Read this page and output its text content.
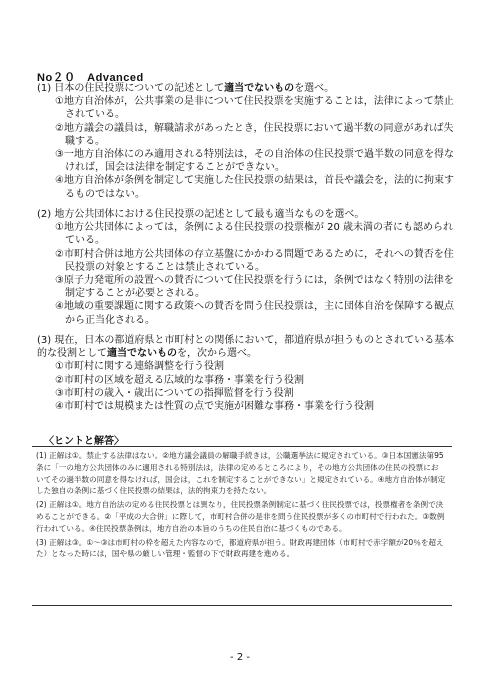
No２０　Advanced
(1) 日本の住民投票についての記述として適当でないものを選べ。
①地方自治体が，公共事業の是非について住民投票を実施することは，法律によって禁止されている。
②地方議会の議員は，解職請求があったとき，住民投票において過半数の同意があれば失職する。
③一地方自治体にのみ適用される特別法は，その自治体の住民投票で過半数の同意を得なければ，国会は法律を制定することができない。
④地方自治体が条例を制定して実施した住民投票の結果は，首長や議会を，法的に拘束するものではない。
(2) 地方公共団体における住民投票の記述として最も適当なものを選べ。
①地方公共団体によっては，条例による住民投票の投票権が 20 歳未満の者にも認められている。
②市町村合併は地方公共団体の存立基盤にかかわる問題であるために，それへの賛否を住民投票の対象とすることは禁止されている。
③原子力発電所の設置への賛否について住民投票を行うには，条例ではなく特別の法律を制定することが必要とされる。
④地域の重要課題に関する政策への賛否を問う住民投票は，主に団体自治を保障する観点から正当化される。
(3) 現在，日本の都道府県と市町村との関係において，都道府県が担うものとされている基本的な役割として適当でないものを，次から選べ。
①市町村に関する連絡調整を行う役割
②市町村の区域を超える広域的な事務・事業を行う役割
③市町村の歳入・歳出についての指揮監督を行う役割
④市町村では規模または性質の点で実施が困難な事務・事業を行う役割
〈ヒントと解答〉

(1) 正解は①。禁止する法律はない。②地方議会議員の解職手続きは，公職選挙法に規定されている。③日本国憲法第95条に「一の地方公共団体のみに適用される特別法は，法律の定めるところにより，その地方公共団体の住民の投票においてその過半数の同意を得なければ，国会は，これを制定することができない」と規定されている。④地方自治体が制定した独自の条例に基づく住民投票の結果は，法的拘束力を持たない。

(2) 正解は①。地方自治法の定める住民投票とは異なり，住民投票条例制定に基づく住民投票では，投票権者を条例で決めることができる。②「平成の大合併」に際して，市町村合併の是非を問う住民投票が多くの市町村で行われた。③数例行われている。④住民投票条例は，地方自治の本旨のうちの住民自治に基づくものである。

(3) 正解は③。①～③は市町村の枠を超えた内容なので，都道府県が担う。財政再建団体（市町村で赤字額が20％を超えた）となった時には，国や県の厳しい管理・監督の下で財政再建を進める。

- 2 -
